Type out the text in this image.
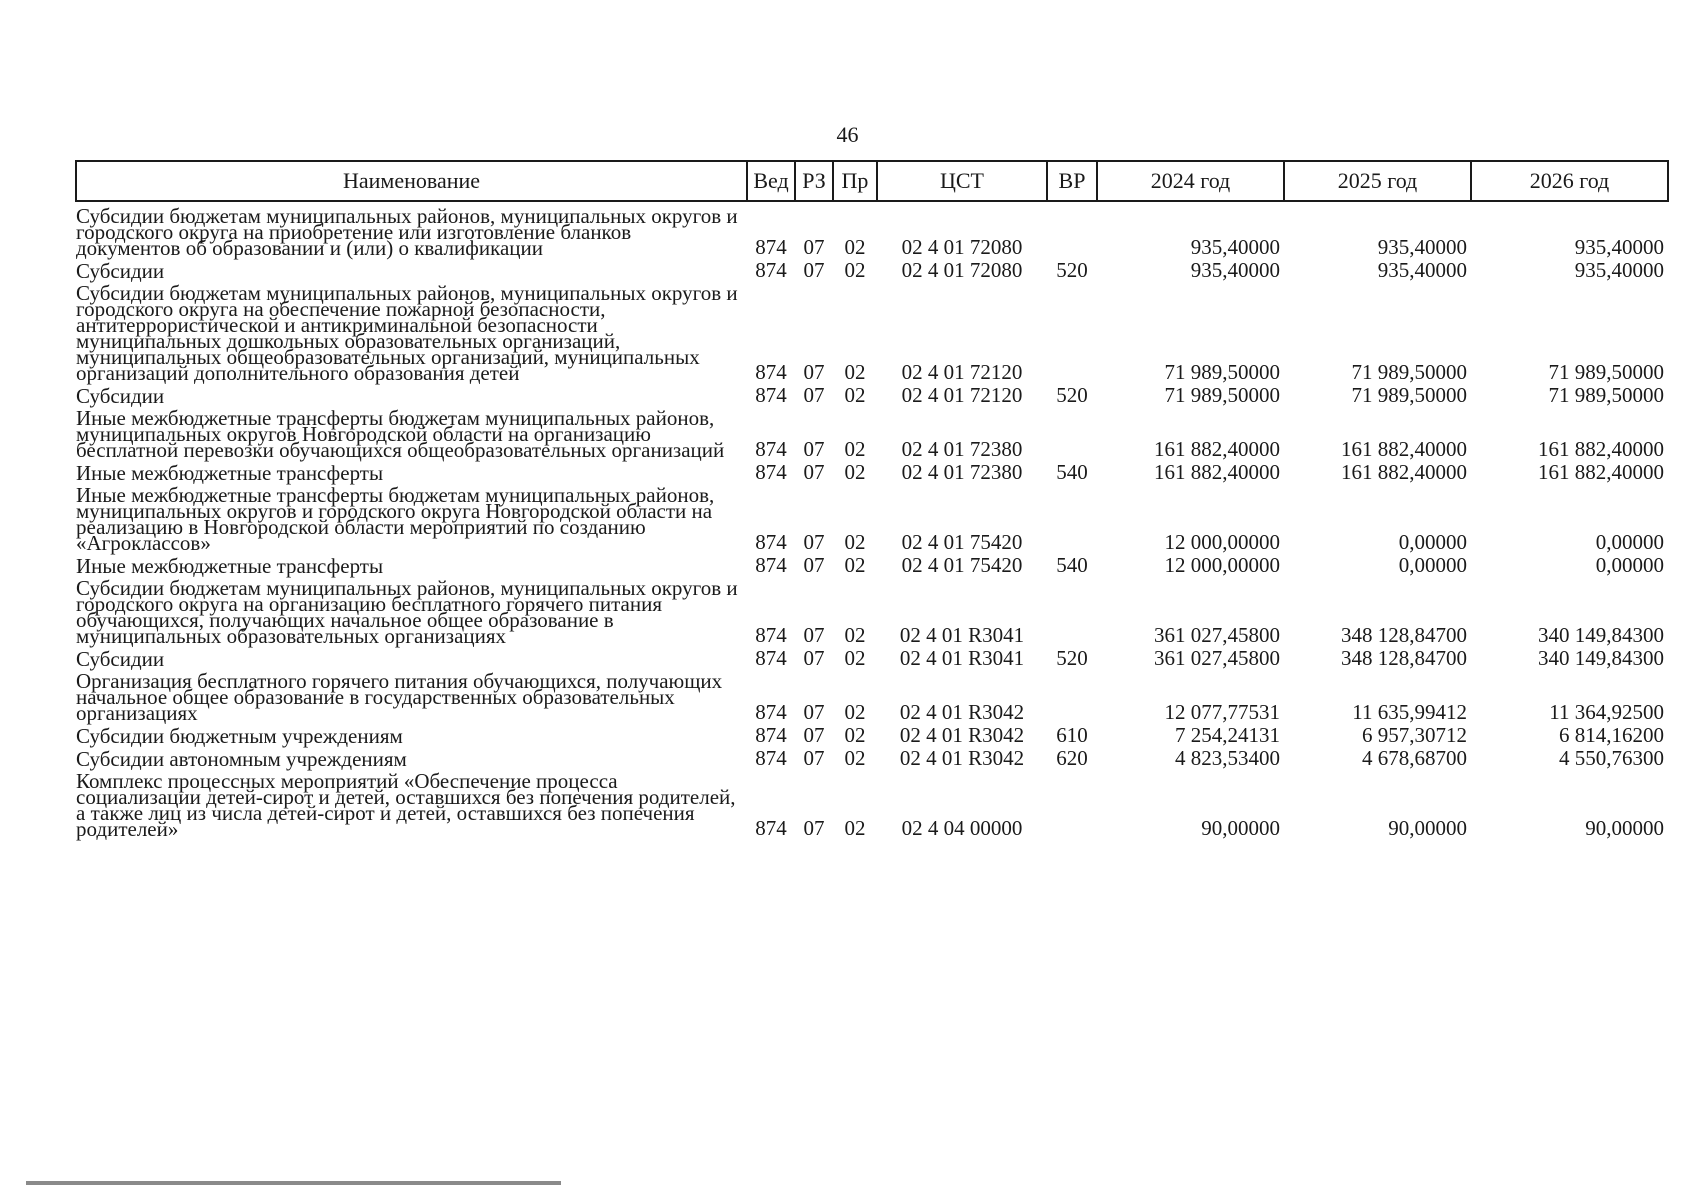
46
Наименование	Вед	РЗ	Пр	ЦСТ	ВР	2024 год	2025 год	2026 год
Субсидии бюджетам муниципальных районов, муниципальных округов и городского округа на приобретение или изготовление бланков документов об образовании и (или) о квалификации	874	07	02	02 4 01 72080		935,40000	935,40000	935,40000
Субсидии	874	07	02	02 4 01 72080	520	935,40000	935,40000	935,40000
Субсидии бюджетам муниципальных районов, муниципальных округов и городского округа на обеспечение пожарной безопасности, антитеррористической и антикриминальной безопасности муниципальных дошкольных образовательных организаций, муниципальных общеобразовательных организаций, муниципальных организаций дополнительного образования детей	874	07	02	02 4 01 72120		71 989,50000	71 989,50000	71 989,50000
Субсидии	874	07	02	02 4 01 72120	520	71 989,50000	71 989,50000	71 989,50000
Иные межбюджетные трансферты бюджетам муниципальных районов, муниципальных округов Новгородской области на организацию бесплатной перевозки обучающихся общеобразовательных организаций	874	07	02	02 4 01 72380		161 882,40000	161 882,40000	161 882,40000
Иные межбюджетные трансферты	874	07	02	02 4 01 72380	540	161 882,40000	161 882,40000	161 882,40000
Иные межбюджетные трансферты бюджетам муниципальных районов, муниципальных округов и городского округа Новгородской области на реализацию в Новгородской области мероприятий по созданию «Агроклассов»	874	07	02	02 4 01 75420		12 000,00000	0,00000	0,00000
Иные межбюджетные трансферты	874	07	02	02 4 01 75420	540	12 000,00000	0,00000	0,00000
Субсидии бюджетам муниципальных районов, муниципальных округов и городского округа на организацию бесплатного горячего питания обучающихся, получающих начальное общее образование в муниципальных образовательных организациях	874	07	02	02 4 01 R3041		361 027,45800	348 128,84700	340 149,84300
Субсидии	874	07	02	02 4 01 R3041	520	361 027,45800	348 128,84700	340 149,84300
Организация бесплатного горячего питания обучающихся, получающих начальное общее образование в государственных образовательных организациях	874	07	02	02 4 01 R3042		12 077,77531	11 635,99412	11 364,92500
Субсидии бюджетным учреждениям	874	07	02	02 4 01 R3042	610	7 254,24131	6 957,30712	6 814,16200
Субсидии автономным учреждениям	874	07	02	02 4 01 R3042	620	4 823,53400	4 678,68700	4 550,76300
Комплекс процессных мероприятий «Обеспечение процесса социализации детей-сирот и детей, оставшихся без попечения родителей, а также лиц из числа детей-сирот и детей, оставшихся без попечения родителей»	874	07	02	02 4 04 00000		90,00000	90,00000	90,00000
